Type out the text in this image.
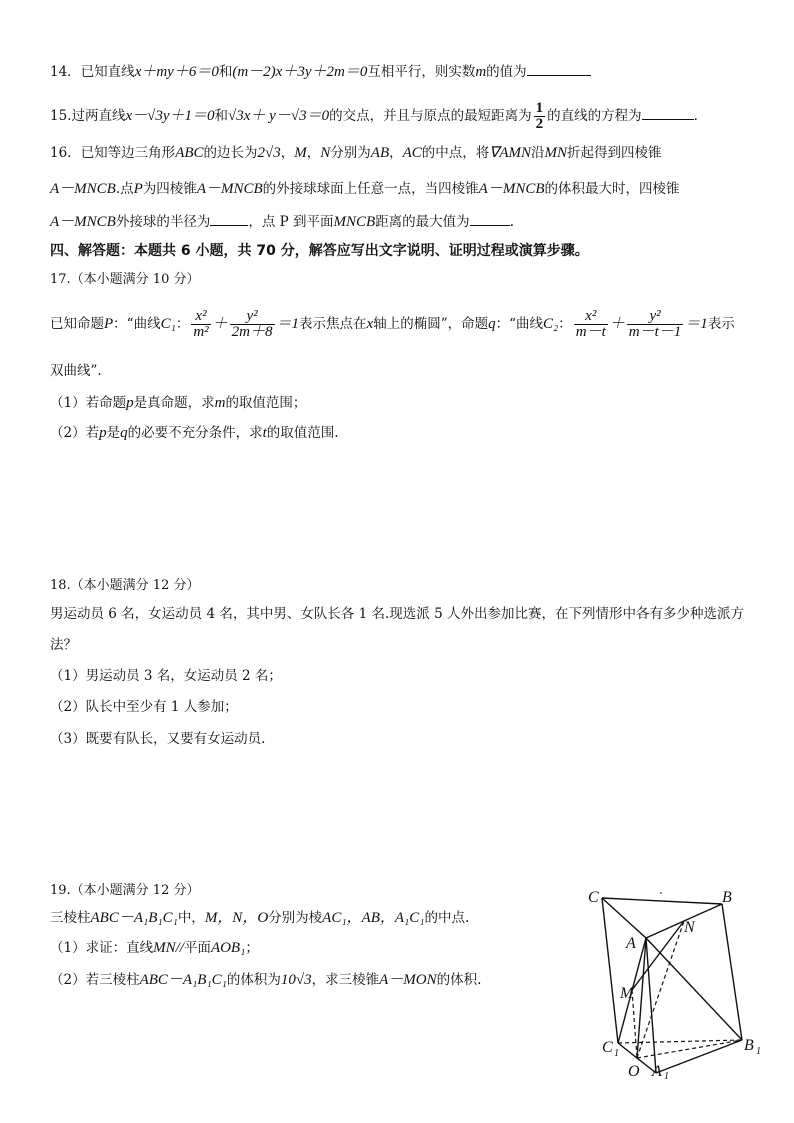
14．已知直线x＋my＋6＝0和(m－2)x＋3y＋2m＝0互相平行，则实数m的值为
15.过两直线x－√3y＋1＝0和√3x＋ y－√3＝0的交点，并且与原点的最短距离为 $\frac{1}{2}$ 的直线的方程为	.
16．已知等边三角形ABC的边长为2√3，M，N分别为AB，AC的中点，将∇AMN沿MN折起得到四棱锥
A－MNCB.点P为四棱锥A－MNCB的外接球球面上任意一点，当四棱锥A－MNCB的体积最大时，四棱锥
A－MNCB外接球的半径为	，点 P 到平面MNCB距离的最大值为	.
四、解答题：本题共 6 小题，共 70 分，解答应写出文字说明、证明过程或演算步骤。
17.（本小题满分 10 分）
已知命题P：“曲线C₁： $\frac{\text{x²}}{\text{m²}} + \frac{\text{y²}}{2m+8} =1$表示焦点在x轴上的椭圆”，命题q：“曲线C₂： $\frac{\text{x²}}{m-t} + \frac{\text{y²}}{m-t-1} =1$表示
双曲线”.
（1）若命题p是真命题，求m的取值范围；
（2）若p是q的必要不充分条件，求t的取值范围.
18.（本小题满分 12 分）
男运动员 6 名，女运动员 4 名，其中男、女队长各 1 名.现选派 5 人外出参加比赛，在下列情形中各有多少种选派方
法？
（1）男运动员 3 名，女运动员 2 名；
（2）队长中至少有 1 人参加；
（3）既要有队长，又要有女运动员.
19.（本小题满分 12 分）
三棱柱ABC－A₁B₁C₁中，M，N，O分别为棱AC₁，AB，A₁C₁的中点.
（1）求证：直线MN//平面AOB₁；
（2）若三棱柱ABC－A₁B₁C₁的体积为10√3，求三棱锥A－MON的体积.
C	B
A
N
M
C 1	B 1
O A 1
